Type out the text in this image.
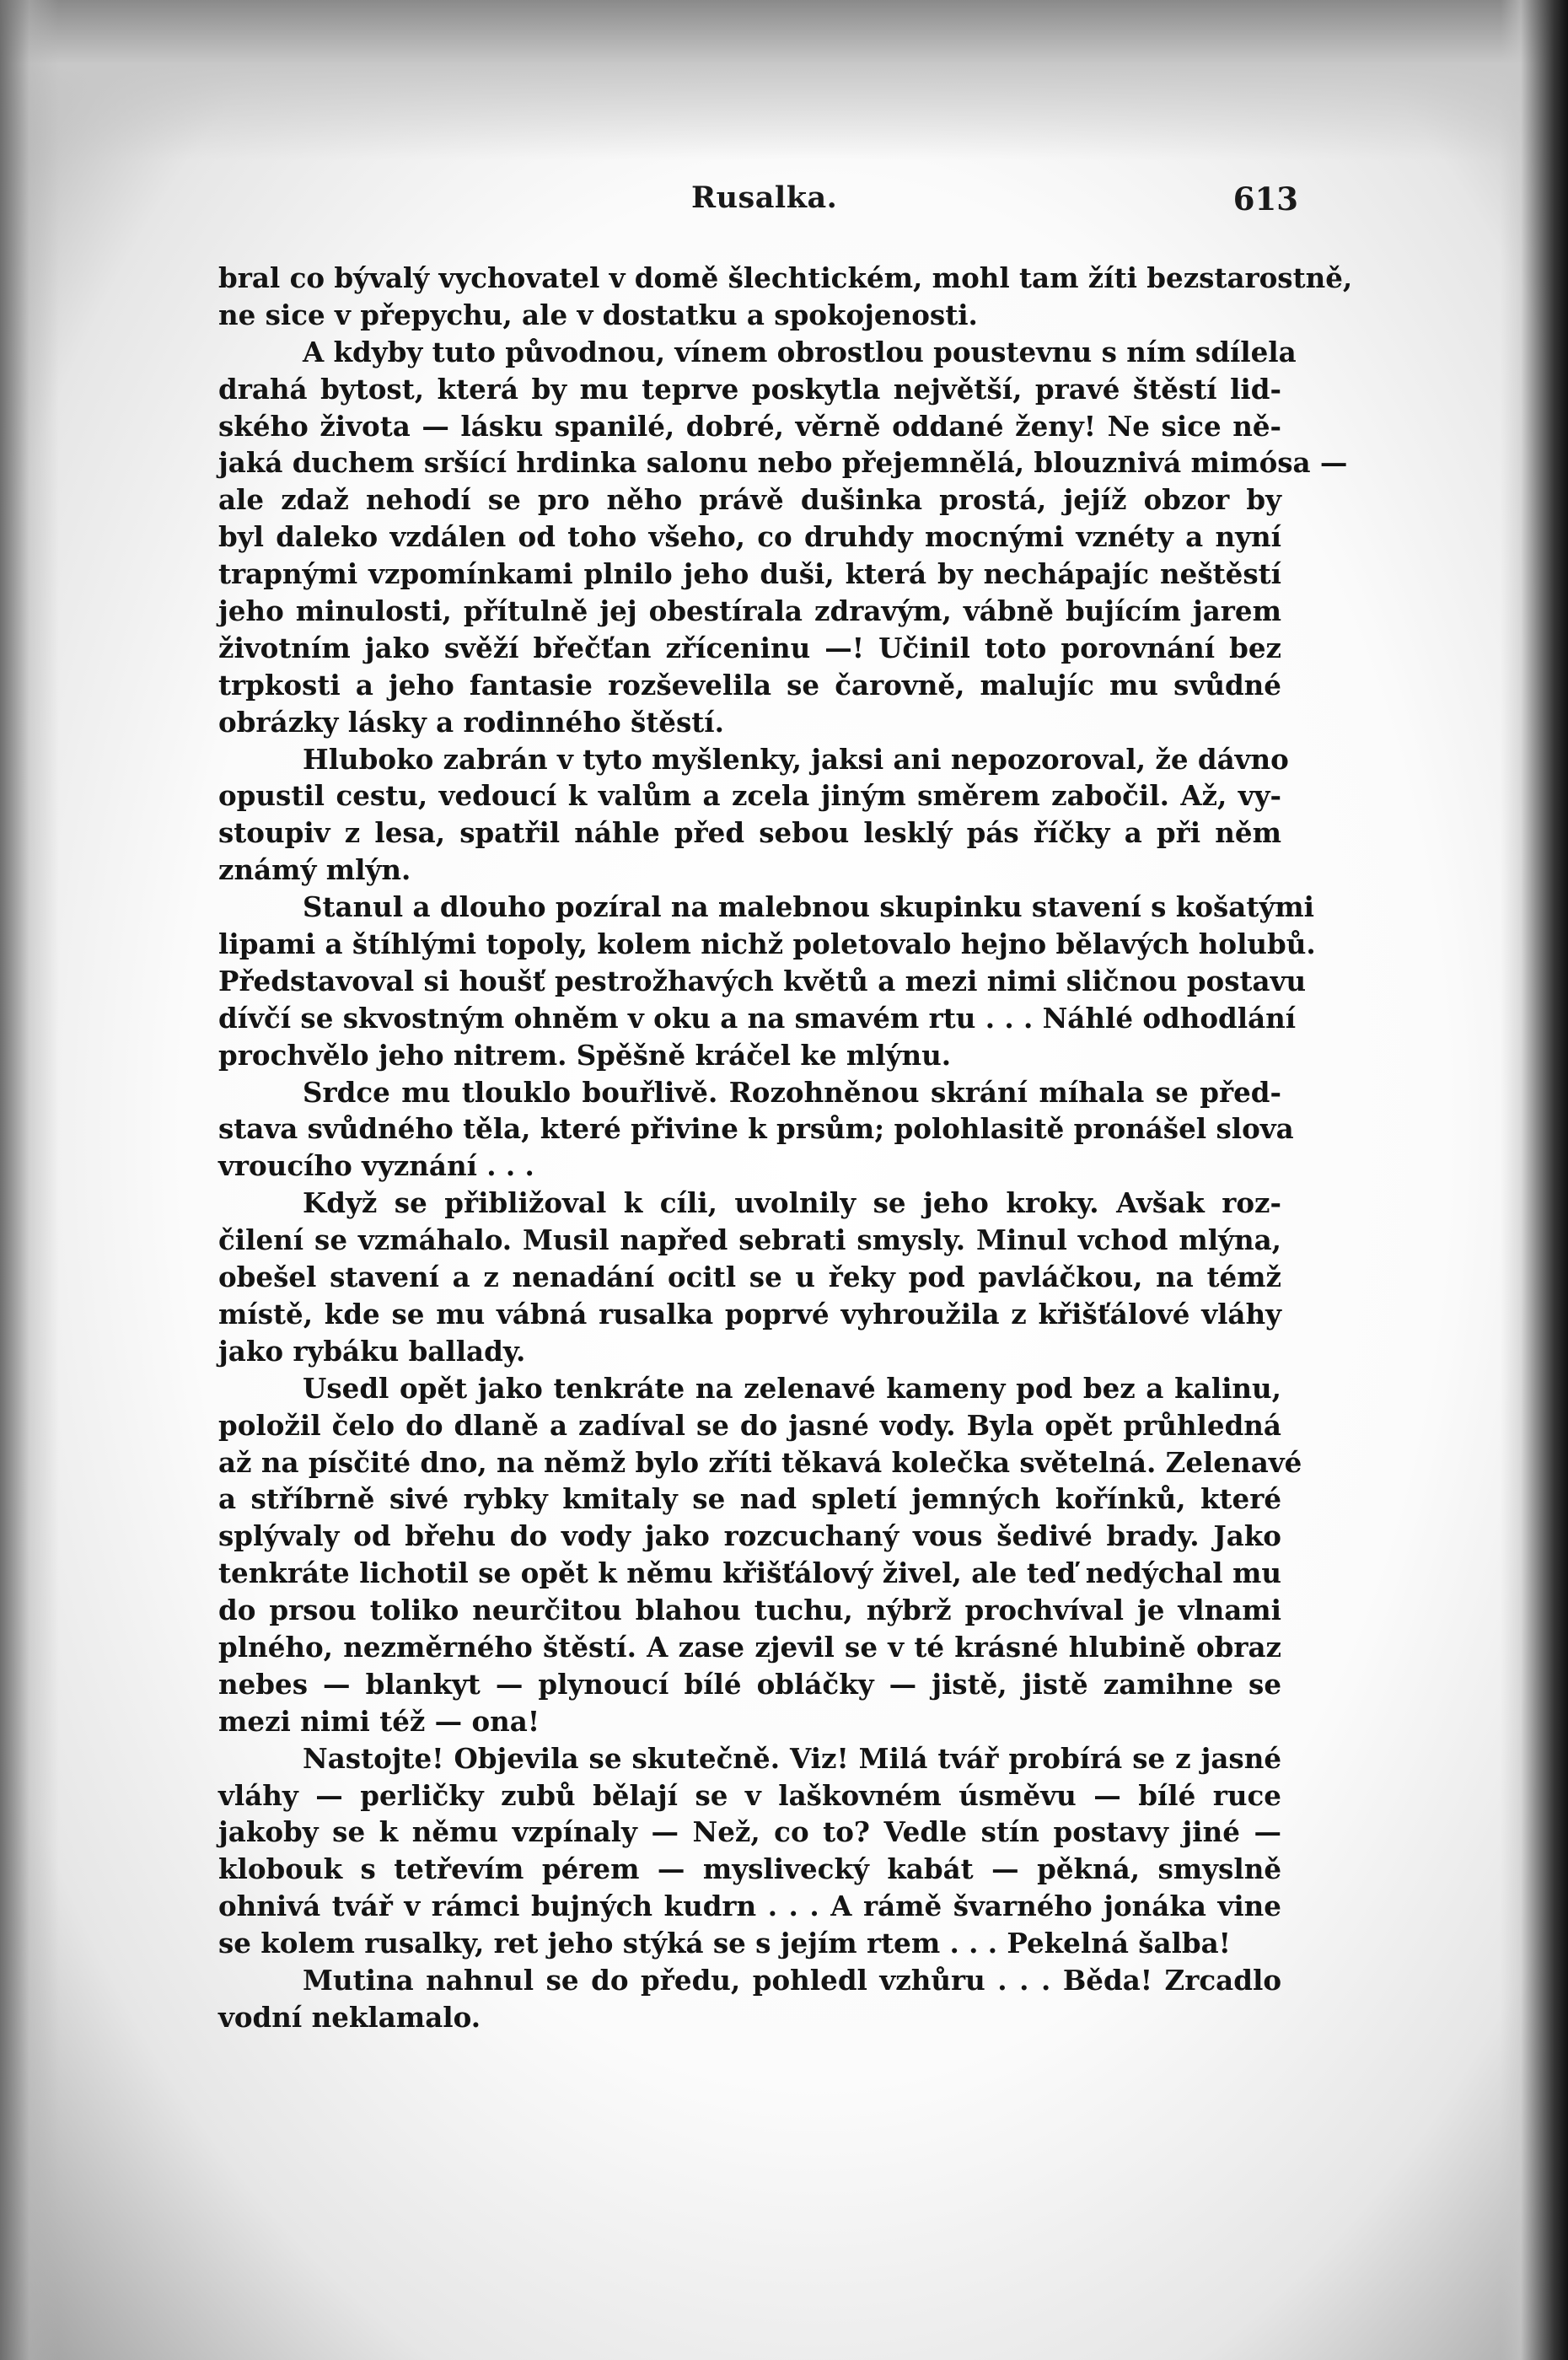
Rusalka.	613
bral co bývalý vychovatel v domě šlechtickém, mohl tam žíti bezstarostně,
ne sice v přepychu, ale v dostatku a spokojenosti.
A kdyby tuto původnou, vínem obrostlou poustevnu s ním sdílela
drahá bytost, která by mu teprve poskytla největší, pravé štěstí lid-
ského života — lásku spanilé, dobré, věrně oddané ženy! Ne sice ně-
jaká duchem sršící hrdinka salonu nebo přejemnělá, blouznivá mimósa —
ale zdaž nehodí se pro něho právě dušinka prostá, jejíž obzor by
byl daleko vzdálen od toho všeho, co druhdy mocnými vznéty a nyní
trapnými vzpomínkami plnilo jeho duši, která by nechápajíc neštěstí
jeho minulosti, přítulně jej obestírala zdravým, vábně bujícím jarem
životním jako svěží břečťan zříceninu —! Učinil toto porovnání bez
trpkosti a jeho fantasie rozševelila se čarovně, malujíc mu svůdné
obrázky lásky a rodinného štěstí.
Hluboko zabrán v tyto myšlenky, jaksi ani nepozoroval, že dávno
opustil cestu, vedoucí k valům a zcela jiným směrem zabočil. Až, vy-
stoupiv z lesa, spatřil náhle před sebou lesklý pás říčky a při něm
známý mlýn.
Stanul a dlouho pozíral na malebnou skupinku stavení s košatými
lipami a štíhlými topoly, kolem nichž poletovalo hejno bělavých holubů.
Představoval si houšť pestrožhavých květů a mezi nimi sličnou postavu
dívčí se skvostným ohněm v oku a na smavém rtu . . . Náhlé odhodlání
prochvělo jeho nitrem. Spěšně kráčel ke mlýnu.
Srdce mu tlouklo bouřlivě. Rozohněnou skrání míhala se před-
stava svůdného těla, které přivine k prsům; polohlasitě pronášel slova
vroucího vyznání . . .
Když se přibližoval k cíli, uvolnily se jeho kroky. Avšak roz-
čilení se vzmáhalo. Musil napřed sebrati smysly. Minul vchod mlýna,
obešel stavení a z nenadání ocitl se u řeky pod pavláčkou, na témž
místě, kde se mu vábná rusalka poprvé vyhroužila z křišťálové vláhy
jako rybáku ballady.
Usedl opět jako tenkráte na zelenavé kameny pod bez a kalinu,
položil čelo do dlaně a zadíval se do jasné vody. Byla opět průhledná
až na písčité dno, na němž bylo zříti těkavá kolečka světelná. Zelenavé
a stříbrně sivé rybky kmitaly se nad spletí jemných kořínků, které
splývaly od břehu do vody jako rozcuchaný vous šedivé brady. Jako
tenkráte lichotil se opět k němu křišťálový živel, ale teď nedýchal mu
do prsou toliko neurčitou blahou tuchu, nýbrž prochvíval je vlnami
plného, nezměrného štěstí. A zase zjevil se v té krásné hlubině obraz
nebes — blankyt — plynoucí bílé obláčky — jistě, jistě zamihne se
mezi nimi též — ona!
Nastojte! Objevila se skutečně. Viz! Milá tvář probírá se z jasné
vláhy — perličky zubů bělají se v laškovném úsměvu — bílé ruce
jakoby se k němu vzpínaly — Než, co to? Vedle stín postavy jiné —
klobouk s tetřevím pérem — myslivecký kabát — pěkná, smyslně
ohnivá tvář v rámci bujných kudrn . . . A rámě švarného jonáka vine
se kolem rusalky, ret jeho stýká se s jejím rtem . . . Pekelná šalba!
Mutina nahnul se do předu, pohledl vzhůru . . . Běda! Zrcadlo
vodní neklamalo.
